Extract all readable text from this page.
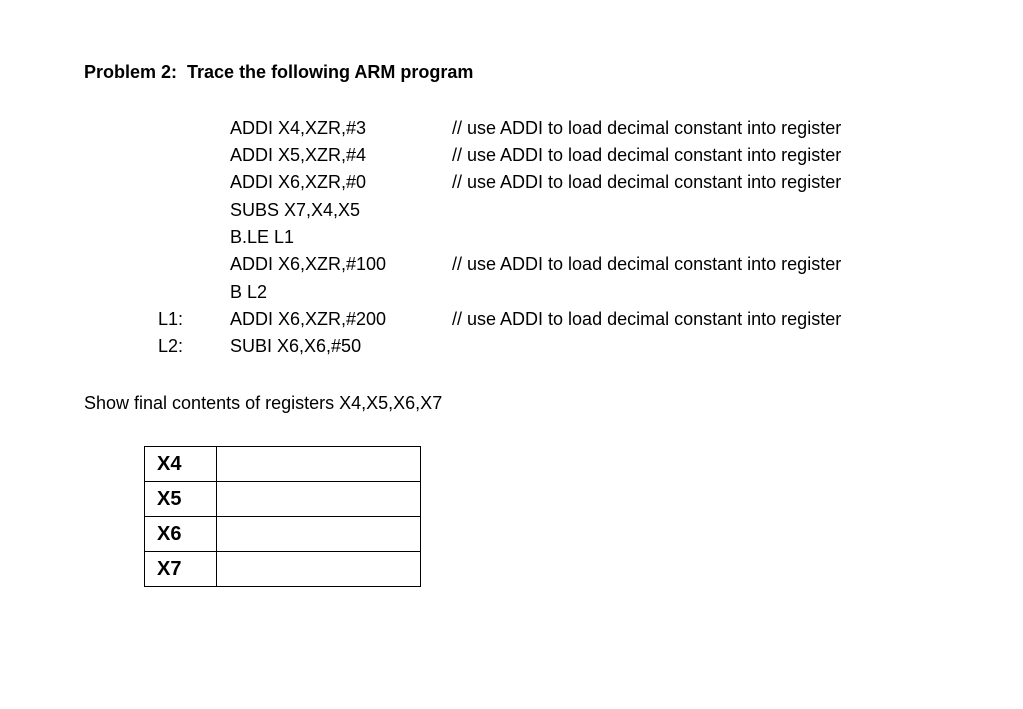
Problem 2:  Trace the following ARM program
ADDI X4,XZR,#3	// use ADDI to load decimal constant into register
ADDI X5,XZR,#4	// use ADDI to load decimal constant into register
ADDI X6,XZR,#0	// use ADDI to load decimal constant into register
SUBS X7,X4,X5
B.LE L1
ADDI X6,XZR,#100	// use ADDI to load decimal constant into register
B L2
L1:	ADDI X6,XZR,#200	// use ADDI to load decimal constant into register
L2:	SUBI X6,X6,#50
Show final contents of registers X4,X5,X6,X7
X4	
X5	
X6	
X7	
